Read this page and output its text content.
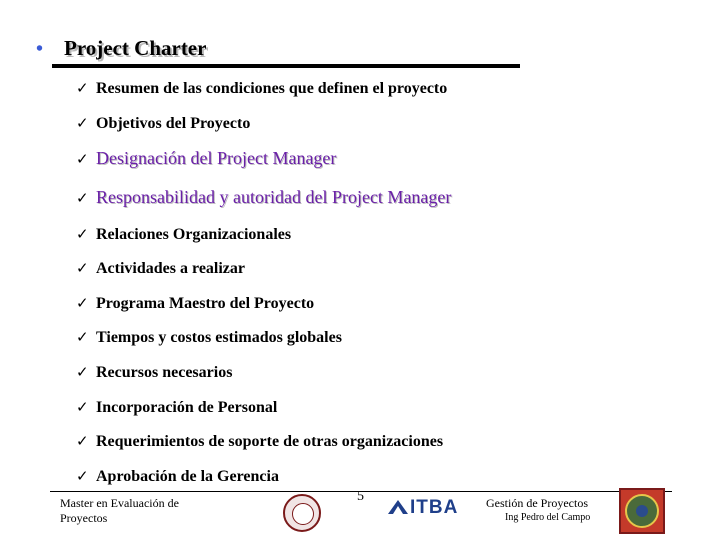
• Project Charter
✓ Resumen de las condiciones que definen el proyecto
✓ Objetivos del Proyecto
✓ Designación del Project Manager
✓ Responsabilidad y autoridad del Project Manager
✓ Relaciones Organizacionales
✓ Actividades a realizar
✓ Programa Maestro del Proyecto
✓ Tiempos y costos estimados globales
✓ Recursos necesarios
✓ Incorporación de Personal
✓ Requerimientos de soporte de otras organizaciones
✓ Aprobación de la Gerencia
Master en Evaluación de
Proyectos
5
ITBA Gestión de Proyectos
Ing Pedro del Campo
